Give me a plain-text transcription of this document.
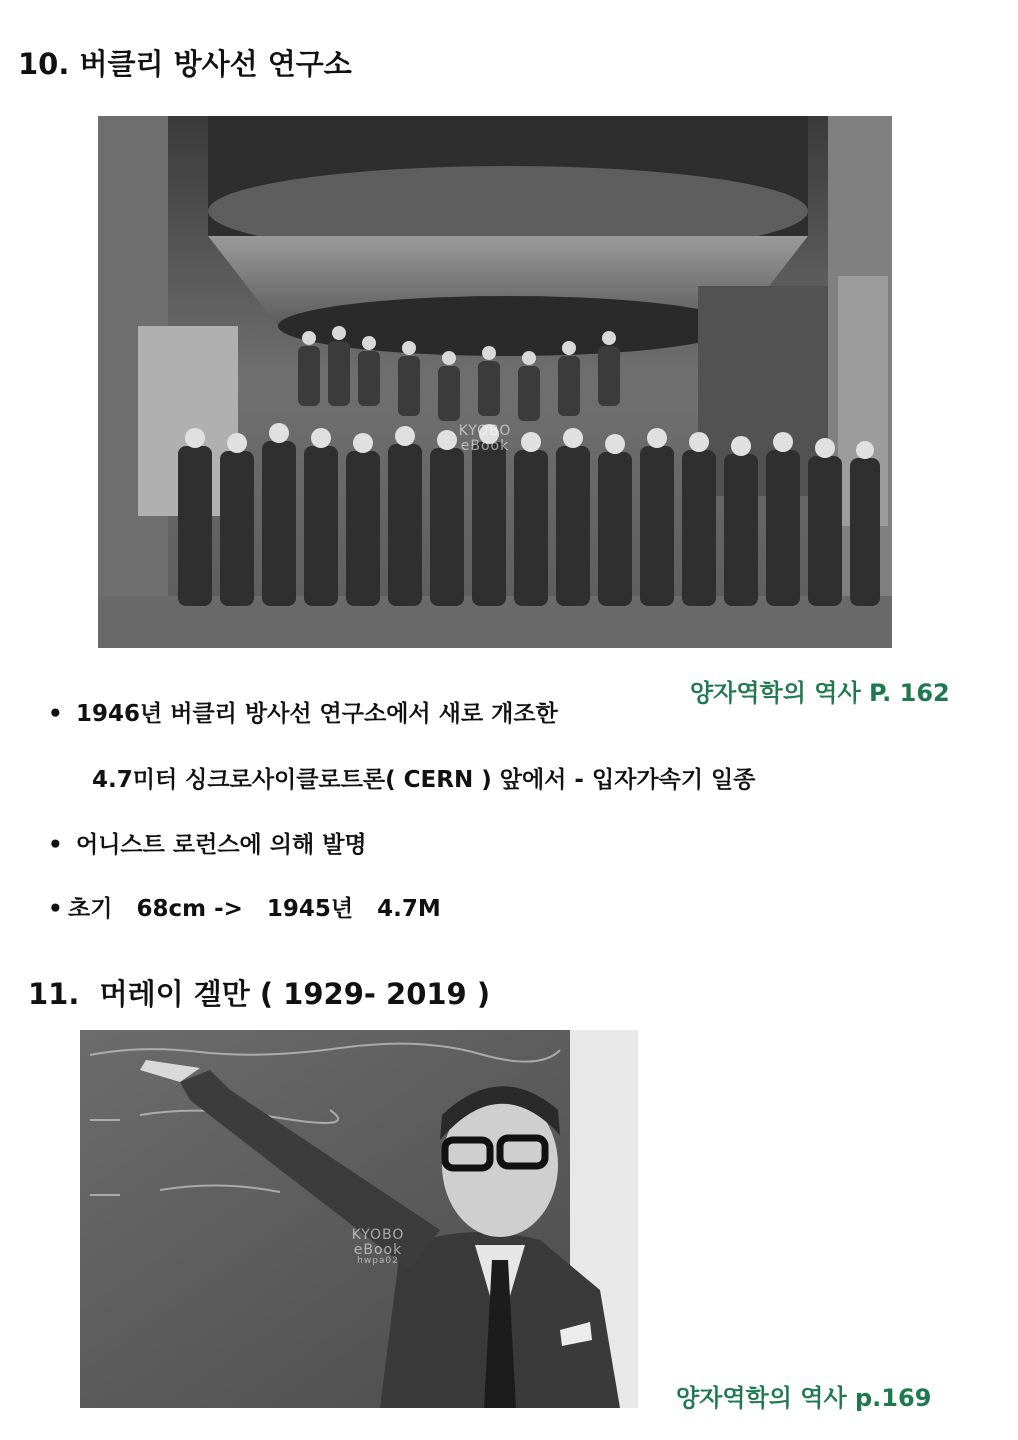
10. 버클리 방사선 연구소
KYOBO
eBook
양자역학의 역사 P. 162
• 1946년 버클리 방사선 연구소에서 새로 개조한
4.7미터 싱크로사이클로트론( CERN ) 앞에서 - 입자가속기 일종
• 어니스트 로런스에 의해 발명
• 초기   68cm ->   1945년   4.7M
11.  머레이 겔만 ( 1929- 2019 )
KYOBO
eBook
hwpa02
양자역학의 역사 p.169
